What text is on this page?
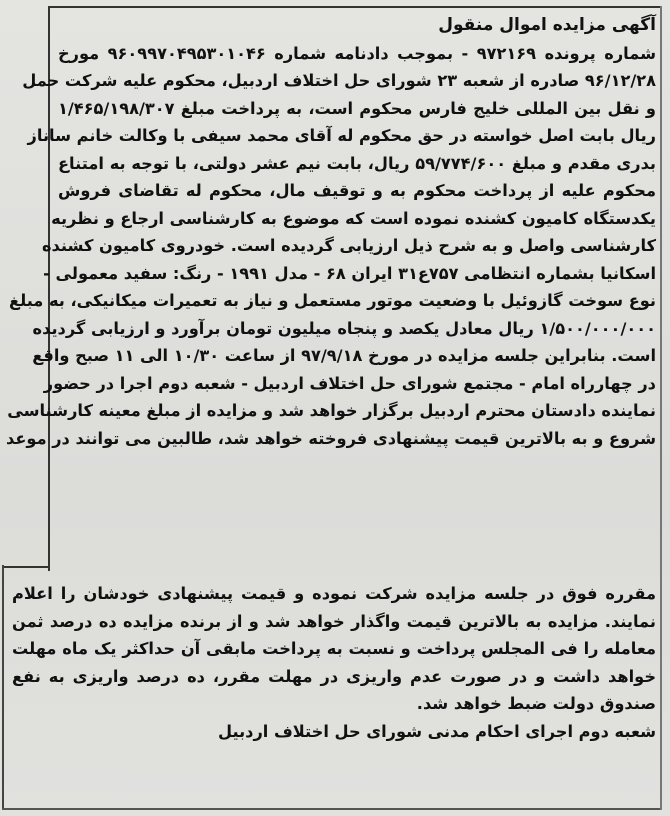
آگهی مزایده اموال منقول
شماره پرونده ۹۷۲۱۶۹ - بموجب دادنامه شماره ۹۶۰۹۹۷۰۴۹۵۳۰۱۰۴۶ مورخ
۹۶/۱۲/۲۸ صادره از شعبه ۲۳ شورای حل اختلاف اردبیل، محکوم علیه شرکت حمل
و نقل بین المللی خلیج فارس محکوم است، به پرداخت مبلغ ۱/۴۶۵/۱۹۸/۳۰۷
ریال بابت اصل خواسته در حق محکوم له آقای محمد سیفی با وکالت خانم ساناز
بدری مقدم و مبلغ ۵۹/۷۷۴/۶۰۰ ریال، بابت نیم عشر دولتی، با توجه به امتناع
محکوم علیه از پرداخت محکوم به و توقیف مال، محکوم له تقاضای فروش
یکدستگاه کامیون کشنده نموده است که موضوع به کارشناسی ارجاع و نظریه
کارشناسی واصل و به شرح ذیل ارزیابی گردیده است. خودروی کامیون کشنده
اسکانیا بشماره انتظامی ۷۵۷ع۳۱ ایران ۶۸ - مدل ۱۹۹۱ - رنگ: سفید معمولی -
نوع سوخت گازوئیل با وضعیت موتور مستعمل و نیاز به تعمیرات میکانیکی، به مبلغ
۱/۵۰۰/۰۰۰/۰۰۰ ریال معادل یکصد و پنجاه میلیون تومان برآورد و ارزیابی گردیده
است. بنابراین جلسه مزایده در مورخ ۹۷/۹/۱۸ از ساعت ۱۰/۳۰ الی ۱۱ صبح واقع
در چهارراه امام - مجتمع شورای حل اختلاف اردبیل - شعبه دوم اجرا در حضور
نماینده دادستان محترم اردبیل برگزار خواهد شد و مزایده از مبلغ معینه کارشناسی
شروع و به بالاترین قیمت پیشنهادی فروخته خواهد شد، طالبین می توانند در موعد
مقرره فوق در جلسه مزایده شرکت نموده و قیمت پیشنهادی خودشان را اعلام
نمایند. مزایده به بالاترین قیمت واگذار خواهد شد و از برنده مزایده ده درصد ثمن
معامله را فی المجلس پرداخت و نسبت به پرداخت مابقی آن حداکثر یک ماه مهلت
خواهد داشت و در صورت عدم واریزی در مهلت مقرر، ده درصد واریزی به نفع
صندوق دولت ضبط خواهد شد.
شعبه دوم اجرای احکام مدنی شورای حل اختلاف اردبیل
